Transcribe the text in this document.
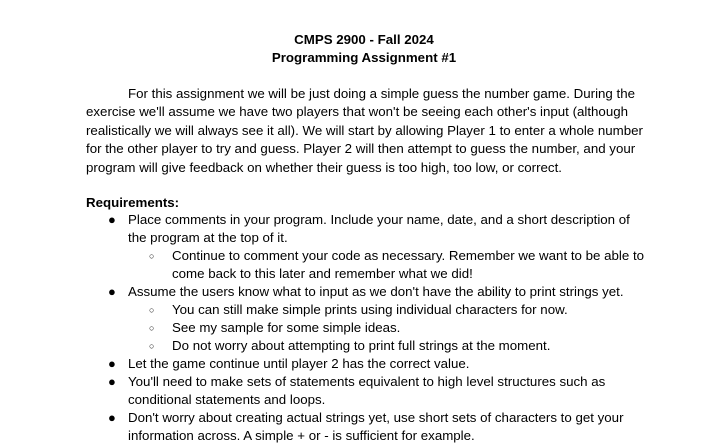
CMPS 2900 - Fall 2024
Programming Assignment #1
For this assignment we will be just doing a simple guess the number game. During the
exercise we'll assume we have two players that won't be seeing each other's input (although
realistically we will always see it all). We will start by allowing Player 1 to enter a whole number
for the other player to try and guess. Player 2 will then attempt to guess the number, and your
program will give feedback on whether their guess is too high, too low, or correct.
Requirements:
● Place comments in your program. Include your name, date, and a short description of
the program at the top of it.
○ Continue to comment your code as necessary. Remember we want to be able to
come back to this later and remember what we did!
● Assume the users know what to input as we don't have the ability to print strings yet.
○ You can still make simple prints using individual characters for now.
○ See my sample for some simple ideas.
○ Do not worry about attempting to print full strings at the moment.
● Let the game continue until player 2 has the correct value.
● You'll need to make sets of statements equivalent to high level structures such as
conditional statements and loops.
● Don't worry about creating actual strings yet, use short sets of characters to get your
information across. A simple + or - is sufficient for example.
